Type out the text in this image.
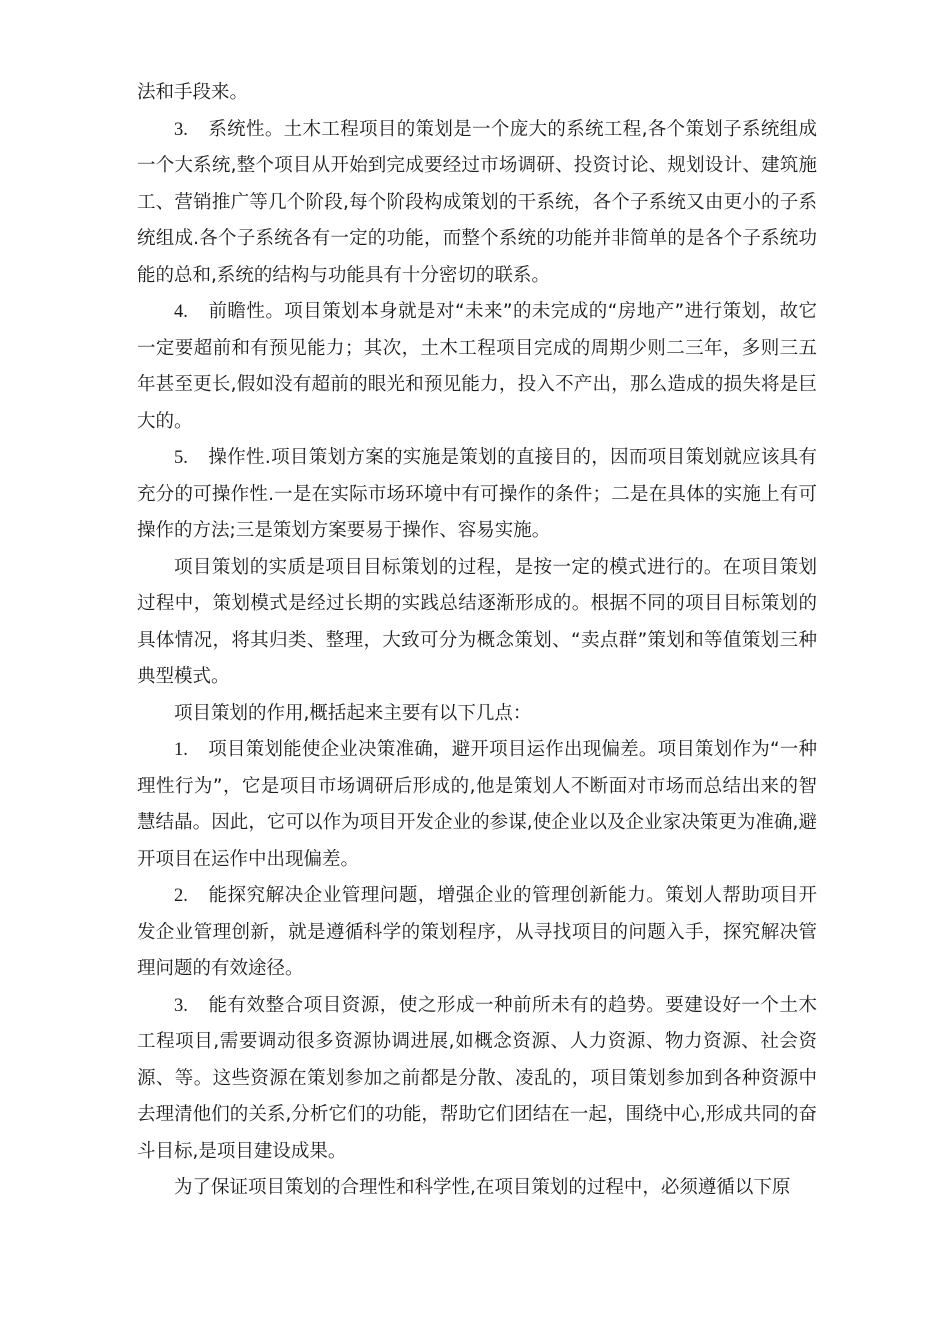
法和手段来。

3. 系统性。土木工程项目的策划是一个庞大的系统工程,各个策划子系统组成一个大系统,整个项目从开始到完成要经过市场调研、投资讨论、规划设计、建筑施工、营销推广等几个阶段,每个阶段构成策划的干系统，各个子系统又由更小的子系统组成.各个子系统各有一定的功能，而整个系统的功能并非简单的是各个子系统功能的总和,系统的结构与功能具有十分密切的联系。

4. 前瞻性。项目策划本身就是对“未来”的未完成的“房地产”进行策划，故它一定要超前和有预见能力；其次，土木工程项目完成的周期少则二三年，多则三五年甚至更长,假如没有超前的眼光和预见能力，投入不产出，那么造成的损失将是巨大的。

5. 操作性.项目策划方案的实施是策划的直接目的，因而项目策划就应该具有充分的可操作性.一是在实际市场环境中有可操作的条件；二是在具体的实施上有可操作的方法;三是策划方案要易于操作、容易实施。

项目策划的实质是项目目标策划的过程，是按一定的模式进行的。在项目策划过程中，策划模式是经过长期的实践总结逐渐形成的。根据不同的项目目标策划的具体情况，将其归类、整理，大致可分为概念策划、“卖点群”策划和等值策划三种典型模式。

项目策划的作用,概括起来主要有以下几点：

1. 项目策划能使企业决策准确，避开项目运作出现偏差。项目策划作为“一种理性行为”，它是项目市场调研后形成的,他是策划人不断面对市场而总结出来的智慧结晶。因此，它可以作为项目开发企业的参谋,使企业以及企业家决策更为准确,避开项目在运作中出现偏差。

2. 能探究解决企业管理问题，增强企业的管理创新能力。策划人帮助项目开发企业管理创新，就是遵循科学的策划程序，从寻找项目的问题入手，探究解决管理问题的有效途径。

3. 能有效整合项目资源，使之形成一种前所未有的趋势。要建设好一个土木工程项目,需要调动很多资源协调进展,如概念资源、人力资源、物力资源、社会资源、等。这些资源在策划参加之前都是分散、凌乱的，项目策划参加到各种资源中去理清他们的关系,分析它们的功能，帮助它们团结在一起，围绕中心,形成共同的奋斗目标,是项目建设成果。

为了保证项目策划的合理性和科学性,在项目策划的过程中，必须遵循以下原
